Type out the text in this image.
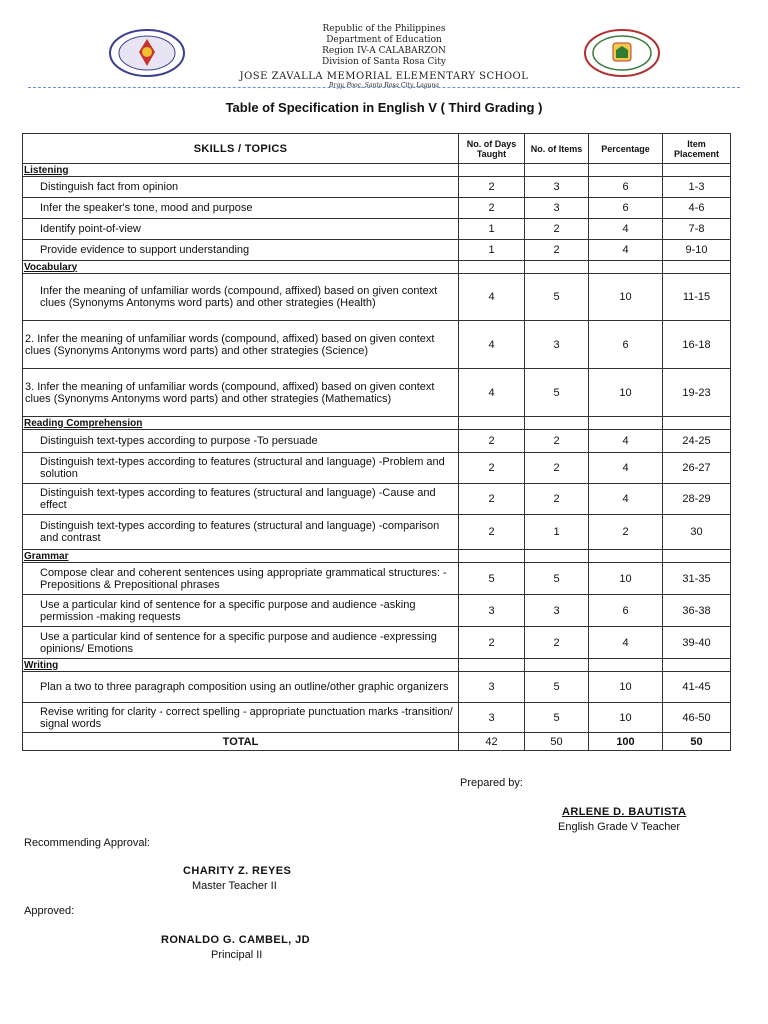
Republic of the Philippines
Department of Education
Region IV-A CALABARZON
Division of Santa Rosa City
JOSE ZAVALLA MEMORIAL ELEMENTARY SCHOOL
Brgy. Pooc, Santa Rosa City, Laguna
Table of Specification in English V ( Third Grading )
SKILLS / TOPICS	No. of Days Taught	No. of Items	Percentage	Item Placement
Listening				
Distinguish fact from opinion	2	3	6	1-3
Infer the speaker's tone, mood and purpose	2	3	6	4-6
Identify point-of-view	1	2	4	7-8
Provide evidence to support understanding	1	2	4	9-10
Vocabulary				
Infer the meaning of unfamiliar words (compound, affixed) based on given context clues (Synonyms Antonyms word parts) and other strategies (Health)	4	5	10	11-15
2. Infer the meaning of unfamiliar words (compound, affixed) based on given context clues (Synonyms Antonyms word parts) and other strategies (Science)	4	3	6	16-18
3. Infer the meaning of unfamiliar words (compound, affixed) based on given context clues (Synonyms Antonyms word parts) and other strategies (Mathematics)	4	5	10	19-23
Reading Comprehension				
Distinguish text-types according to purpose -To persuade	2	2	4	24-25
Distinguish text-types according to features (structural and language) -Problem and solution	2	2	4	26-27
Distinguish text-types according to features (structural and language) -Cause and effect	2	2	4	28-29
Distinguish text-types according to features (structural and language) -comparison and contrast	2	1	2	30
Grammar				
Compose clear and coherent sentences using appropriate grammatical structures: -Prepositions & Prepositional phrases	5	5	10	31-35
Use a particular kind of sentence for a specific purpose and audience -asking permission -making requests	3	3	6	36-38
Use a particular kind of sentence for a specific purpose and audience -expressing opinions/ Emotions	2	2	4	39-40
Writing				
Plan a two to three paragraph composition using an outline/other graphic organizers	3	5	10	41-45
Revise writing for clarity - correct spelling - appropriate punctuation marks -transition/ signal words	3	5	10	46-50
TOTAL	42	50	100	50
Prepared by:
ARLENE D. BAUTISTA
English Grade V Teacher
Recommending Approval:
CHARITY Z. REYES
Master Teacher II
Approved:
RONALDO G. CAMBEL, JD
Principal II
